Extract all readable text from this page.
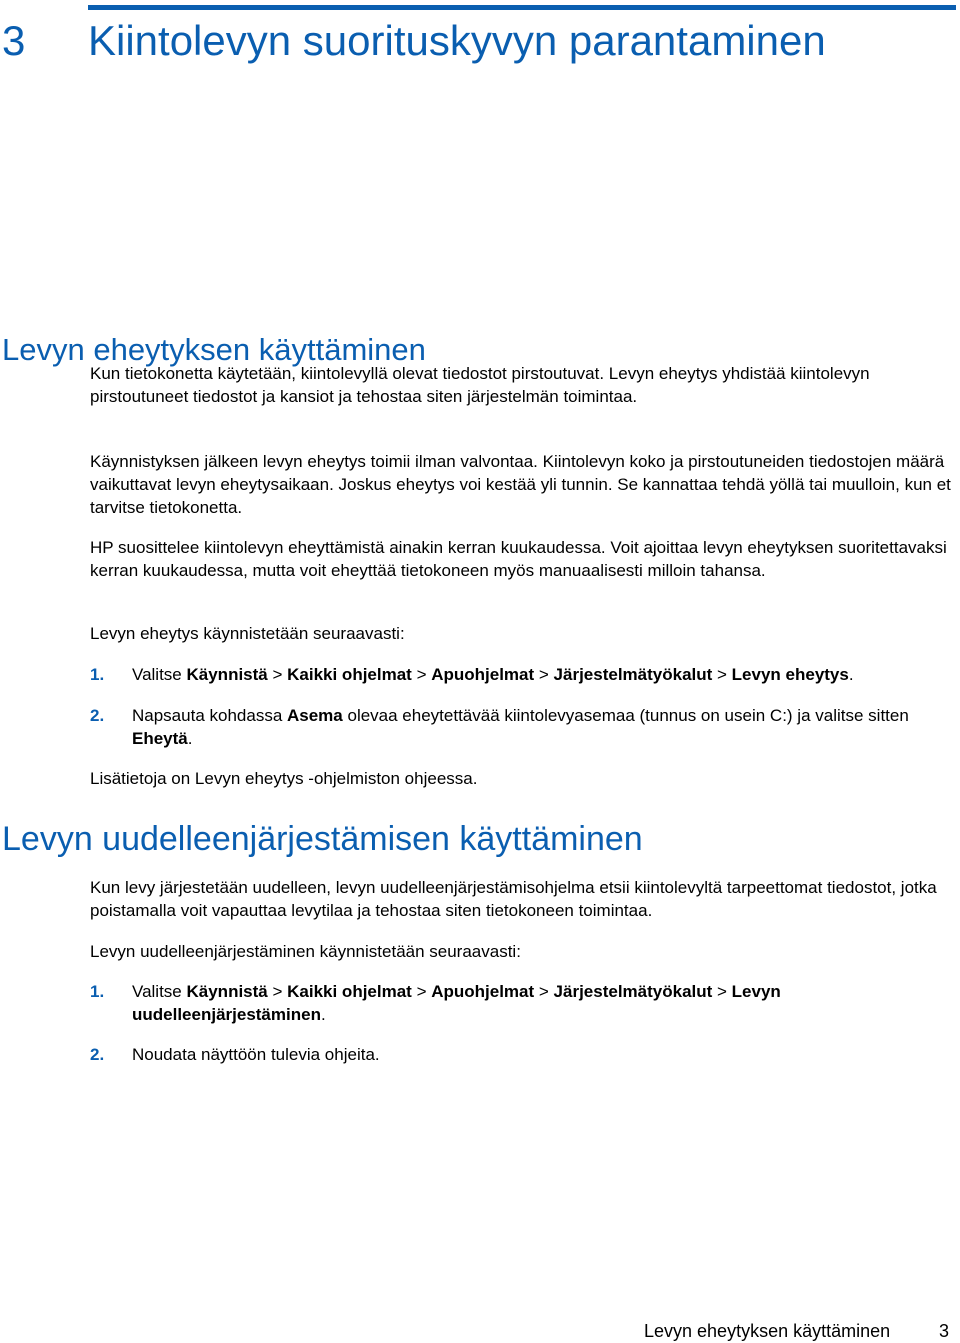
3 Kiintolevyn suorituskyvyn parantaminen
Levyn eheytyksen käyttäminen

Kun tietokonetta käytetään, kiintolevyllä olevat tiedostot pirstoutuvat. Levyn eheytys yhdistää kiintolevyn pirstoutuneet tiedostot ja kansiot ja tehostaa siten järjestelmän toimintaa.

Käynnistyksen jälkeen levyn eheytys toimii ilman valvontaa. Kiintolevyn koko ja pirstoutuneiden tiedostojen määrä vaikuttavat levyn eheytysaikaan. Joskus eheytys voi kestää yli tunnin. Se kannattaa tehdä yöllä tai muulloin, kun et tarvitse tietokonetta.

HP suosittelee kiintolevyn eheyttämistä ainakin kerran kuukaudessa. Voit ajoittaa levyn eheytyksen suoritettavaksi kerran kuukaudessa, mutta voit eheyttää tietokoneen myös manuaalisesti milloin tahansa.

Levyn eheytys käynnistetään seuraavasti:

1. Valitse Käynnistä > Kaikki ohjelmat > Apuohjelmat > Järjestelmätyökalut > Levyn eheytys.
2. Napsauta kohdassa Asema olevaa eheytettävää kiintolevyasemaa (tunnus on usein C:) ja valitse sitten Eheytä.

Lisätietoja on Levyn eheytys -ohjelmiston ohjeessa.

Levyn uudelleenjärjestämisen käyttäminen

Kun levy järjestetään uudelleen, levyn uudelleenjärjestämisohjelma etsii kiintolevyltä tarpeettomat tiedostot, jotka poistamalla voit vapauttaa levytilaa ja tehostaa siten tietokoneen toimintaa.

Levyn uudelleenjärjestäminen käynnistetään seuraavasti:

1. Valitse Käynnistä > Kaikki ohjelmat > Apuohjelmat > Järjestelmätyökalut > Levyn uudelleenjärjestäminen.
2. Noudata näyttöön tulevia ohjeita.
Levyn eheytyksen käyttäminen	3
